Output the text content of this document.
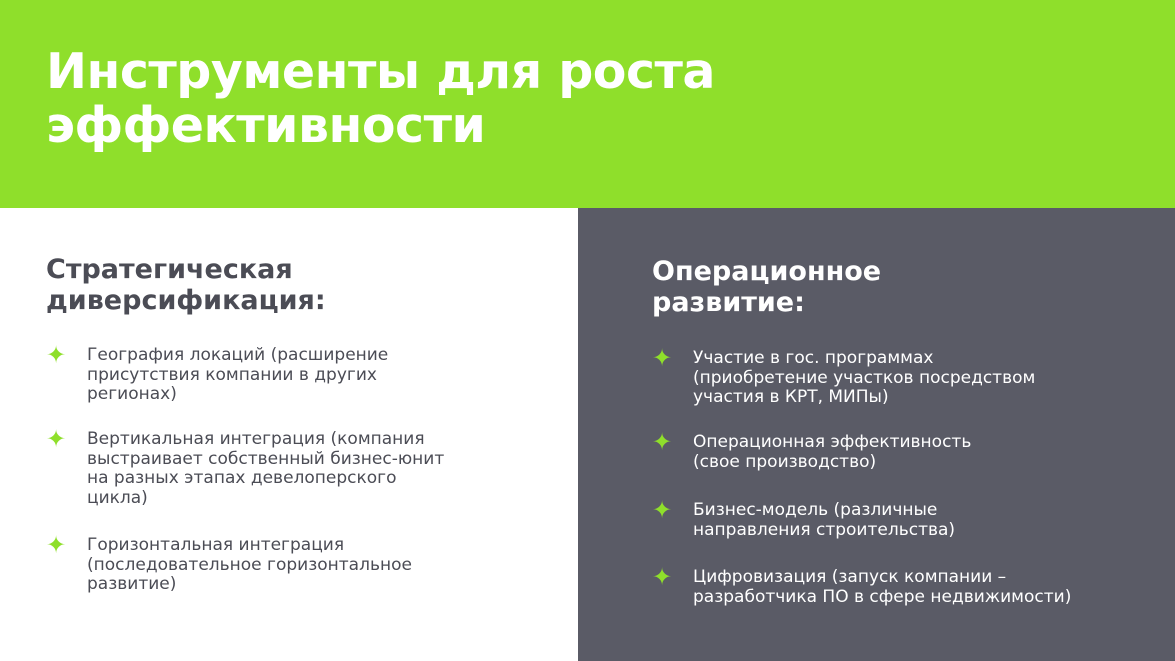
Инструменты для роста
эффективности
Стратегическая
диверсификация:
✦ География локаций (расширение
присутствия компании в других
регионах)
✦ Вертикальная интеграция (компания
выстраивает собственный бизнес-юнит
на разных этапах девелоперского
цикла)
✦ Горизонтальная интеграция
(последовательное горизонтальное
развитие)
Операционное
развитие:
✦ Участие в гос. программах
(приобретение участков посредством
участия в КРТ, МИПы)
✦ Операционная эффективность
(свое производство)
✦ Бизнес-модель (различные
направления строительства)
✦ Цифровизация (запуск компании –
разработчика ПО в сфере недвижимости)
